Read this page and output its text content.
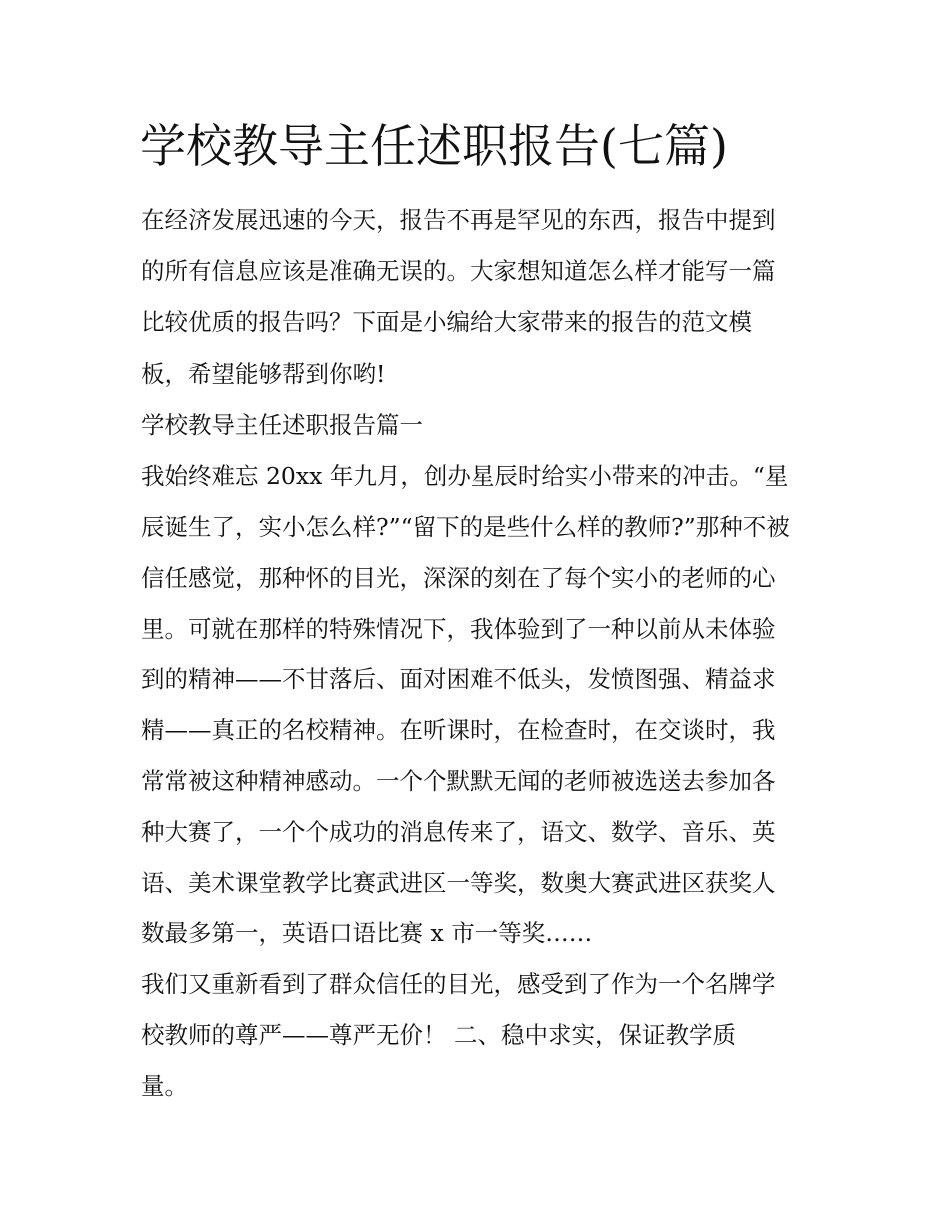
学校教导主任述职报告(七篇)

在经济发展迅速的今天，报告不再是罕见的东西，报告中提到

的所有信息应该是准确无误的。大家想知道怎么样才能写一篇

比较优质的报告吗？下面是小编给大家带来的报告的范文模

板，希望能够帮到你哟!

学校教导主任述职报告篇一

我始终难忘 20xx 年九月，创办星辰时给实小带来的冲击。“星

辰诞生了，实小怎么样?”“留下的是些什么样的教师?”那种不被

信任感觉，那种怀的目光，深深的刻在了每个实小的老师的心

里。可就在那样的特殊情况下，我体验到了一种以前从未体验

到的精神——不甘落后、面对困难不低头，发愤图强、精益求

精——真正的名校精神。在听课时，在检查时，在交谈时，我

常常被这种精神感动。一个个默默无闻的老师被选送去参加各

种大赛了，一个个成功的消息传来了，语文、数学、音乐、英

语、美术课堂教学比赛武进区一等奖，数奥大赛武进区获奖人

数最多第一，英语口语比赛 x 市一等奖……

我们又重新看到了群众信任的目光，感受到了作为一个名牌学

校教师的尊严——尊严无价！ 二、稳中求实，保证教学质

量。
